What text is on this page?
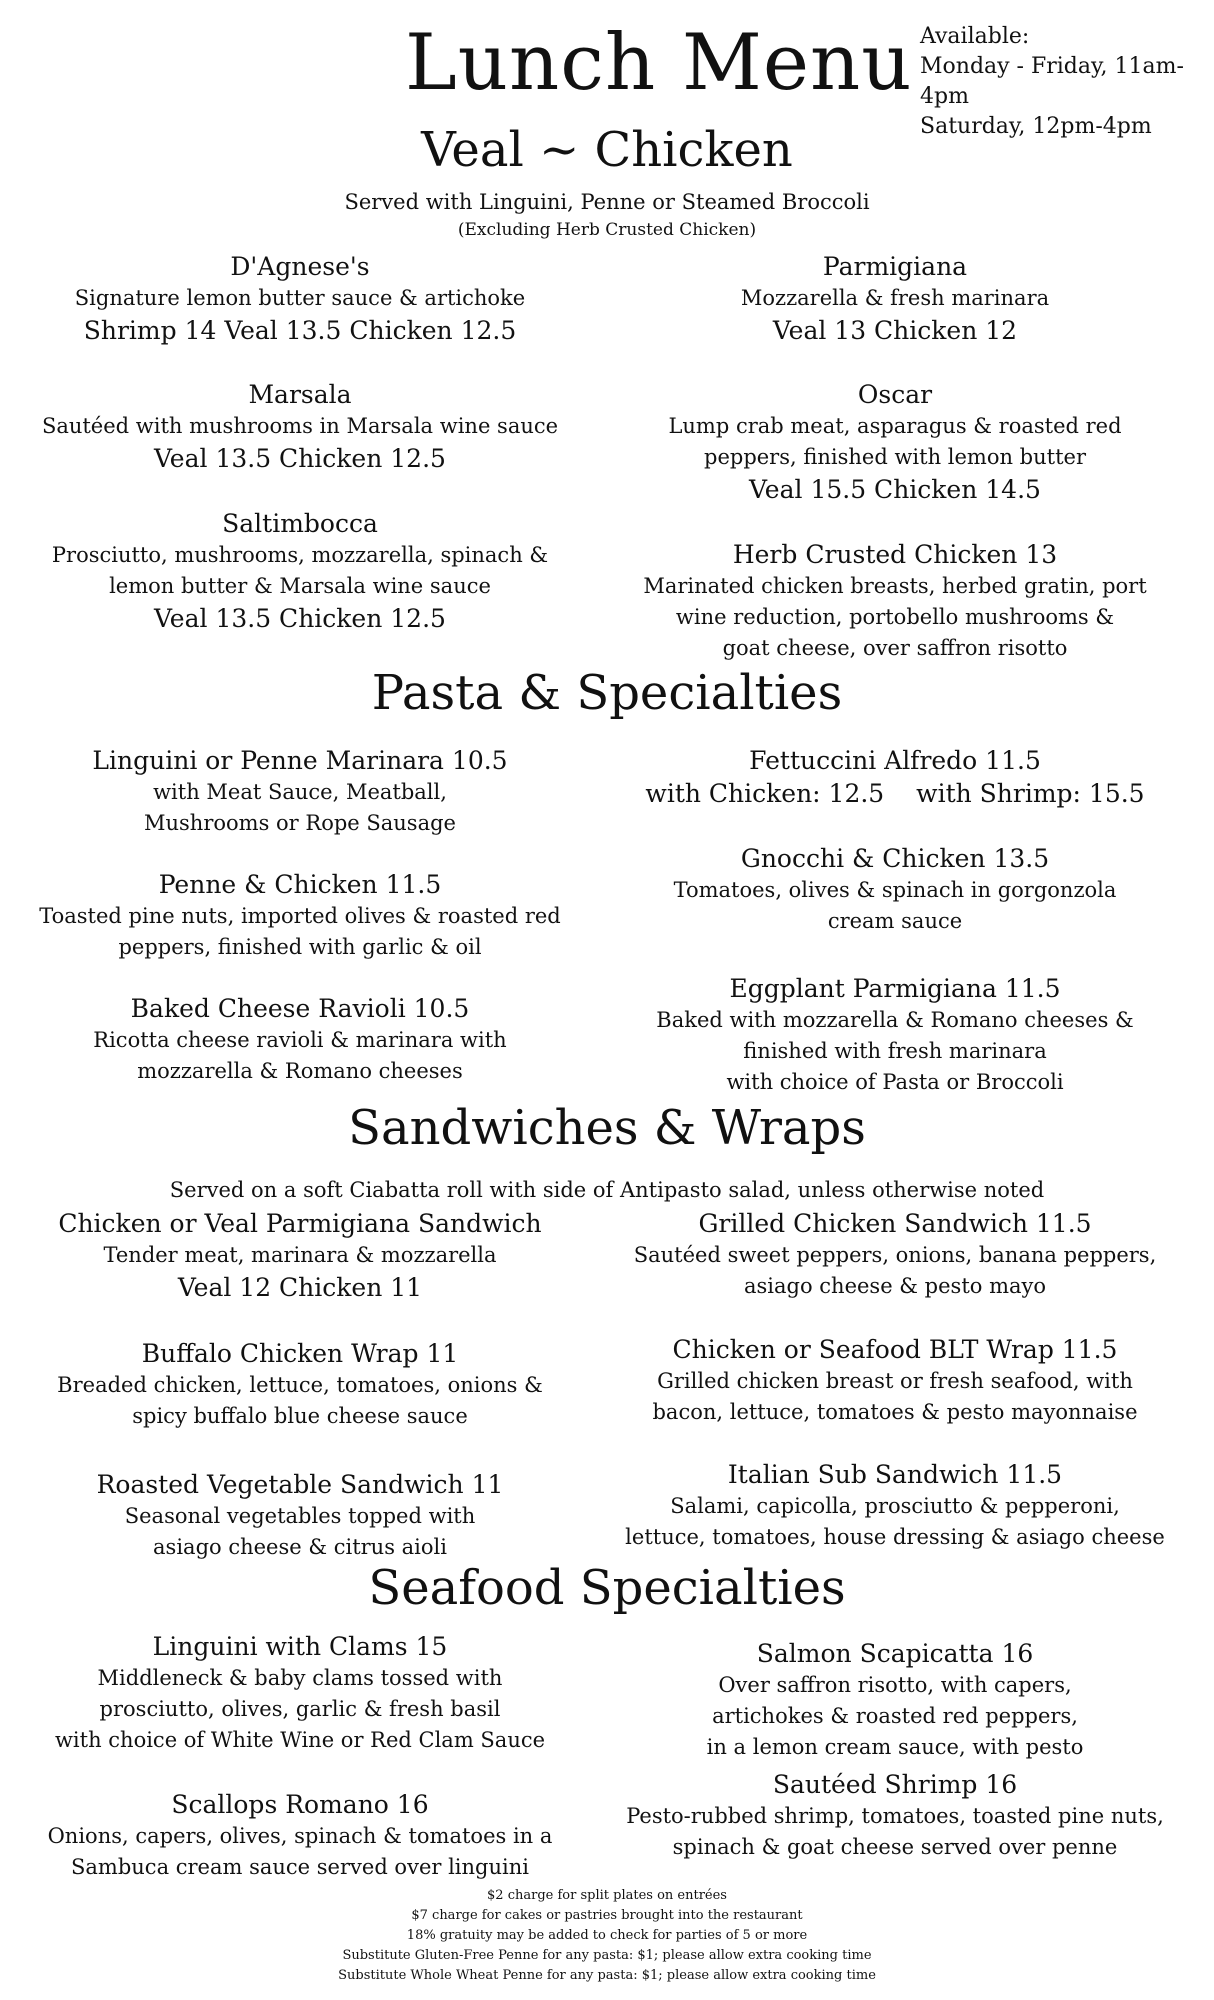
Lunch Menu Available:
Monday - Friday, 11am-4pm
Saturday, 12pm-4pm
Veal ~ Chicken
Served with Linguini, Penne or Steamed Broccoli
(Excluding Herb Crusted Chicken)
D'Agnese's
Signature lemon butter sauce & artichoke
Shrimp 14 Veal 13.5 Chicken 12.5
Marsala
Sautéed with mushrooms in Marsala wine sauce
Veal 13.5 Chicken 12.5
Saltimbocca
Prosciutto, mushrooms, mozzarella, spinach &
lemon butter & Marsala wine sauce
Veal 13.5 Chicken 12.5
Parmigiana
Mozzarella & fresh marinara
Veal 13 Chicken 12
Oscar
Lump crab meat, asparagus & roasted red
peppers, finished with lemon butter
Veal 15.5 Chicken 14.5
Herb Crusted Chicken 13
Marinated chicken breasts, herbed gratin, port
wine reduction, portobello mushrooms &
goat cheese, over saffron risotto
Pasta & Specialties
Linguini or Penne Marinara 10.5
with Meat Sauce, Meatball,
Mushrooms or Rope Sausage
Penne & Chicken 11.5
Toasted pine nuts, imported olives & roasted red
peppers, finished with garlic & oil
Baked Cheese Ravioli 10.5
Ricotta cheese ravioli & marinara with
mozzarella & Romano cheeses
Fettuccini Alfredo 11.5
with Chicken: 12.5 with Shrimp: 15.5
Gnocchi & Chicken 13.5
Tomatoes, olives & spinach in gorgonzola
cream sauce
Eggplant Parmigiana 11.5
Baked with mozzarella & Romano cheeses &
finished with fresh marinara
with choice of Pasta or Broccoli
Sandwiches & Wraps
Served on a soft Ciabatta roll with side of Antipasto salad, unless otherwise noted
Chicken or Veal Parmigiana Sandwich
Tender meat, marinara & mozzarella
Veal 12 Chicken 11
Buffalo Chicken Wrap 11
Breaded chicken, lettuce, tomatoes, onions &
spicy buffalo blue cheese sauce
Roasted Vegetable Sandwich 11
Seasonal vegetables topped with
asiago cheese & citrus aioli
Grilled Chicken Sandwich 11.5
Sautéed sweet peppers, onions, banana peppers,
asiago cheese & pesto mayo
Chicken or Seafood BLT Wrap 11.5
Grilled chicken breast or fresh seafood, with
bacon, lettuce, tomatoes & pesto mayonnaise
Italian Sub Sandwich 11.5
Salami, capicolla, prosciutto & pepperoni,
lettuce, tomatoes, house dressing & asiago cheese
Seafood Specialties
Linguini with Clams 15
Middleneck & baby clams tossed with
prosciutto, olives, garlic & fresh basil
with choice of White Wine or Red Clam Sauce
Scallops Romano 16
Onions, capers, olives, spinach & tomatoes in a
Sambuca cream sauce served over linguini
Salmon Scapicatta 16
Over saffron risotto, with capers,
artichokes & roasted red peppers,
in a lemon cream sauce, with pesto
Sautéed Shrimp 16
Pesto-rubbed shrimp, tomatoes, toasted pine nuts,
spinach & goat cheese served over penne
$2 charge for split plates on entrées
$7 charge for cakes or pastries brought into the restaurant
18% gratuity may be added to check for parties of 5 or more
Substitute Gluten-Free Penne for any pasta: $1; please allow extra cooking time
Substitute Whole Wheat Penne for any pasta: $1; please allow extra cooking time
